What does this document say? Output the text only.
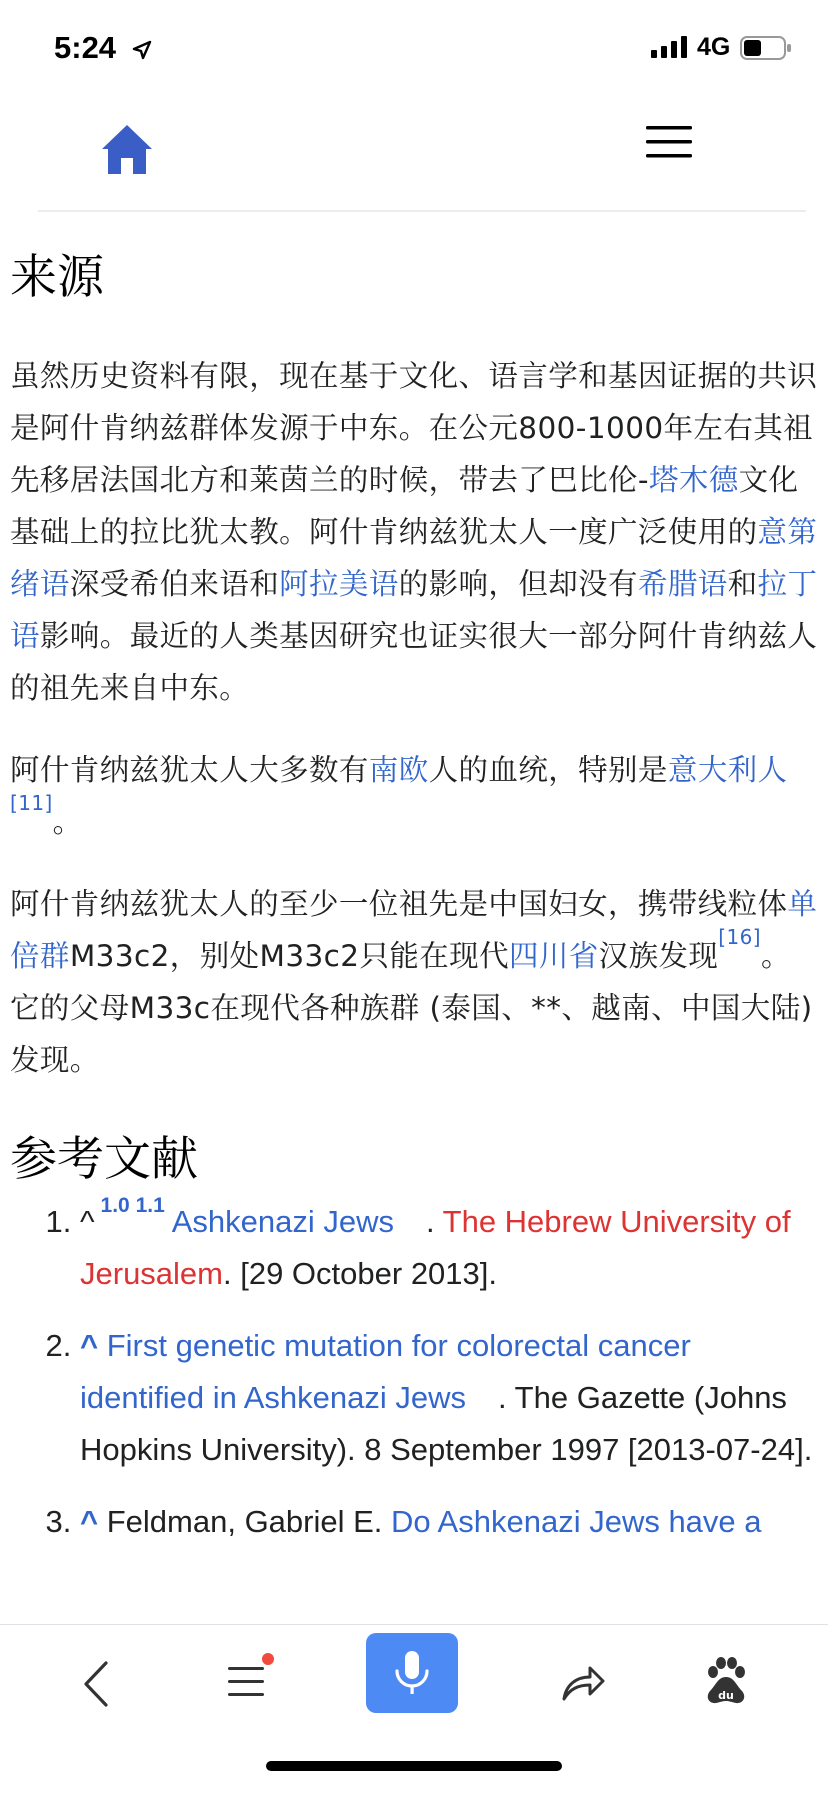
5:24	4G
来源

虽然历史资料有限，现在基于文化、语言学和基因证据的共识是阿什肯纳兹群体发源于中东。在公元800-1000年左右其祖先移居法国北方和莱茵兰的时候，带去了巴比伦-塔木德文化基础上的拉比犹太教。阿什肯纳兹犹太人一度广泛使用的意第绪语深受希伯来语和阿拉美语的影响，但却没有希腊语和拉丁语影响。最近的人类基因研究也证实很大一部分阿什肯纳兹人的祖先来自中东。

阿什肯纳兹犹太人大多数有南欧人的血统，特别是意大利人[11]。

阿什肯纳兹犹太人的至少一位祖先是中国妇女，携带线粒体单倍群M33c2，别处M33c2只能在现代四川省汉族发现[16]。它的父母M33c在现代各种族群 (泰国、**、越南、中国大陆)发现。

参考文献
1. ^ $^{1.0 1.1}$ Ashkenazi Jews . The Hebrew University of Jerusalem. [29 October 2013].
2. ^ First genetic mutation for colorectal cancer identified in Ashkenazi Jews . The Gazette (Johns Hopkins University). 8 September 1997 [2013-07-24].
3. ^ Feldman, Gabriel E. Do Ashkenazi Jews have a
du
